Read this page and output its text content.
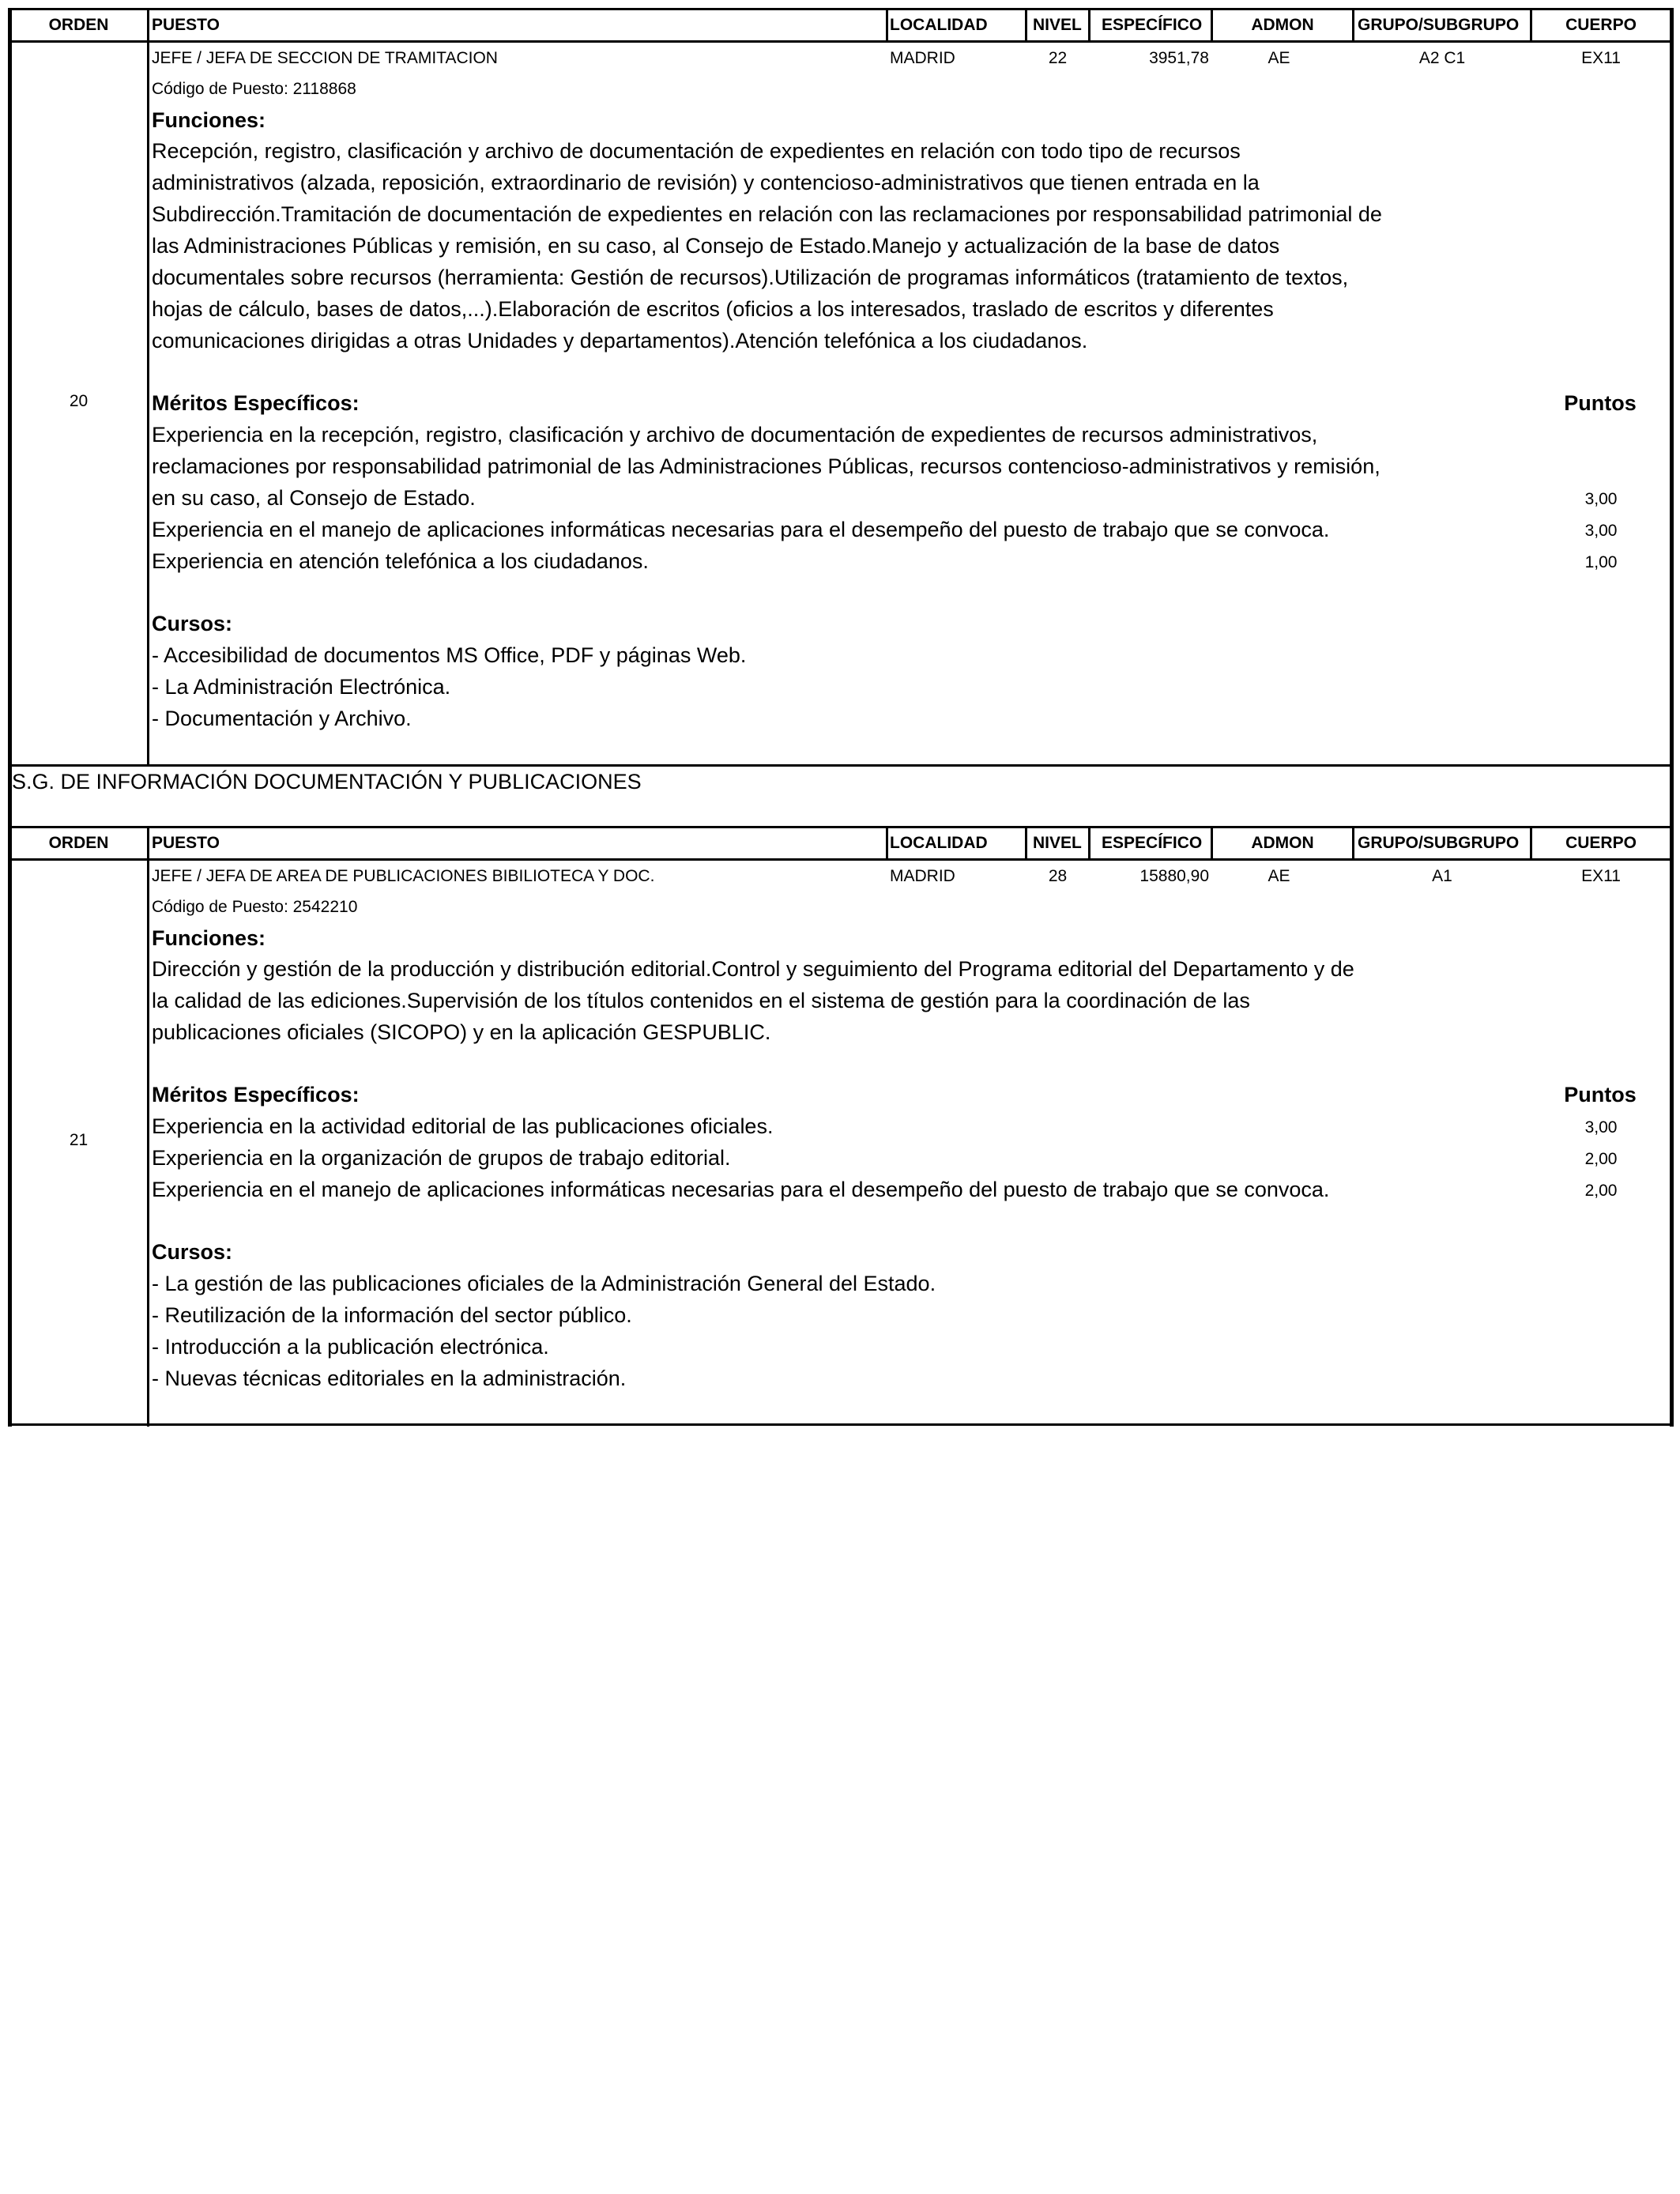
ORDEN	PUESTO	LOCALIDAD	NIVEL ESPECÍFICO	ADMON	GRUPO/SUBGRUPO	CUERPO
20
JEFE / JEFA DE SECCION DE TRAMITACION	MADRID	22	3951,78	AE	A2 C1	EX11
Código de Puesto: 2118868
Funciones:
Recepción, registro, clasificación y archivo de documentación de expedientes en relación con todo tipo de recursos
administrativos (alzada, reposición, extraordinario de revisión) y contencioso-administrativos que tienen entrada en la
Subdirección.Tramitación de documentación de expedientes en relación con las reclamaciones por responsabilidad patrimonial de
las Administraciones Públicas y remisión, en su caso, al Consejo de Estado.Manejo y actualización de la base de datos
documentales sobre recursos (herramienta: Gestión de recursos).Utilización de programas informáticos (tratamiento de textos,
hojas de cálculo, bases de datos,...).Elaboración de escritos (oficios a los interesados, traslado de escritos y diferentes
comunicaciones dirigidas a otras Unidades y departamentos).Atención telefónica a los ciudadanos.
Méritos Específicos:	Puntos
Experiencia en la recepción, registro, clasificación y archivo de documentación de expedientes de recursos administrativos,
reclamaciones por responsabilidad patrimonial de las Administraciones Públicas, recursos contencioso-administrativos y remisión,
en su caso, al Consejo de Estado.	3,00
Experiencia en el manejo de aplicaciones informáticas necesarias para el desempeño del puesto de trabajo que se convoca.	3,00
Experiencia en atención telefónica a los ciudadanos.	1,00
Cursos:
- Accesibilidad de documentos MS Office, PDF y páginas Web.
- La Administración Electrónica.
- Documentación y Archivo.
S.G. DE INFORMACIÓN DOCUMENTACIÓN Y PUBLICACIONES
ORDEN	PUESTO	LOCALIDAD	NIVEL ESPECÍFICO	ADMON	GRUPO/SUBGRUPO	CUERPO
21
JEFE / JEFA DE AREA DE PUBLICACIONES BIBILIOTECA Y DOC.	MADRID	28	15880,90	AE	A1	EX11
Código de Puesto: 2542210
Funciones:
Dirección y gestión de la producción y distribución editorial.Control y seguimiento del Programa editorial del Departamento y de
la calidad de las ediciones.Supervisión de los títulos contenidos en el sistema de gestión para la coordinación de las
publicaciones oficiales (SICOPO) y en la aplicación GESPUBLIC.
Méritos Específicos:	Puntos
Experiencia en la actividad editorial de las publicaciones oficiales.	3,00
Experiencia en la organización de grupos de trabajo editorial.	2,00
Experiencia en el manejo de aplicaciones informáticas necesarias para el desempeño del puesto de trabajo que se convoca.	2,00
Cursos:
- La gestión de las publicaciones oficiales de la Administración General del Estado.
- Reutilización de la información del sector público.
- Introducción a la publicación electrónica.
- Nuevas técnicas editoriales en la administración.
